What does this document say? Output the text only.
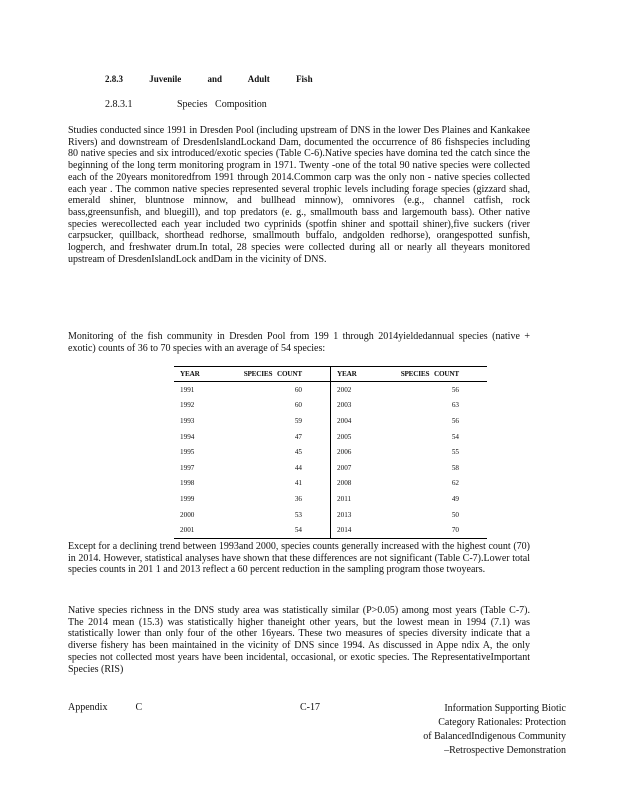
2.8.3	Juvenile	and	Adult	Fish
2.8.3.1	Species   Composition

Studies conducted since 1991 in Dresden Pool (including upstream of DNS in the lower Des Plaines and Kankakee Rivers) and downstream of DresdenIslandLockand Dam, documented the occurrence of 86 fishspecies including 80 native species and six introduced/exotic species (Table C-6).Native species have domina ted the catch since the beginning of the long term monitoring program in 1971. Twenty -one of the total 90 native species were collected each of the 20years monitoredfrom 1991 through 2014.Common carp was the only non - native species collected each year . The common native species represented several trophic levels including forage species (gizzard shad, emerald shiner, bluntnose minnow, and bullhead minnow), omnivores (e.g., channel catfish, rock bass,greensunfish, and bluegill), and top predators (e. g., smallmouth bass and largemouth bass). Other native species werecollected each year included two cyprinids (spotfin shiner and spottail shiner),five suckers (river carpsucker, quillback, shorthead redhorse, smallmouth buffalo, andgolden redhorse), orangespotted sunfish, logperch, and freshwater drum.In total, 28 species were collected during all or nearly all theyears monitored upstream of DresdenIslandLock andDam in the vicinity of DNS.

Monitoring of the fish community in Dresden Pool from 199 1 through 2014yieldedannual species (native + exotic) counts of 36 to 70 species with an average of 54 species:

YEAR	SPECIES   COUNT	YEAR	SPECIES   COUNT
1991	60	2002	56
1992	60	2003	63
1993	59	2004	56
1994	47	2005	54
1995	45	2006	55
1997	44	2007	58
1998	41	2008	62
1999	36	2011	49
2000	53	2013	50
2001	54	2014	70

Except for a declining trend between 1993and 2000, species counts generally increased with the highest count (70) in 2014. However, statistical analyses have shown that these differences are not significant (Table C-7).Lower total species counts in 201 1 and 2013 reflect a 60 percent reduction in the sampling program those twoyears.

Native species richness in the DNS study area was statistically similar (P>0.05) among most years (Table C-7). The 2014 mean (15.3) was statistically higher thaneight other years, but the lowest mean in 1994 (7.1) was statistically lower than only four of the other 16years. These two measures of species diversity indicate that a diverse fishery has been maintained in the vicinity of DNS since 1994. As discussed in Appe ndix A, the only species not collected most years have been incidental, occasional, or exotic species. The RepresentativeImportant Species (RIS)

Appendix	C	C-17	Information Supporting Biotic
Category Rationales: Protection
of BalancedIndigenous Community
–Retrospective Demonstration
